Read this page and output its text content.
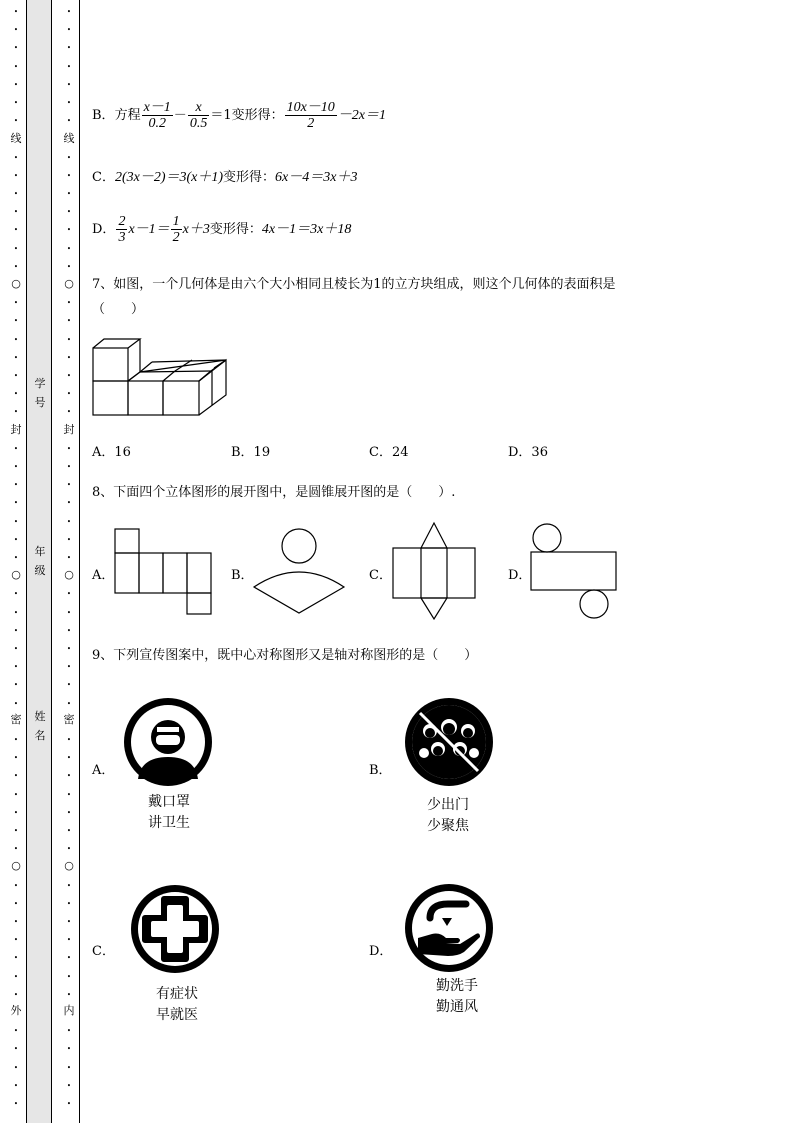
•
•
•
•
•
•
•
•
•
•
•
•
•
•
•
•
•
•
•
•
•
•
•
•
•
•
•
•
•
•
•
•
•
•
•
•
•
•
•
•
•
•
•
•
•
•
•
•
•
•
•
•
•
•
线
○
封
○
密
○
外
•
•
•
•
•
•
•
•
•
•
•
•
•
•
•
•
•
•
•
•
•
•
•
•
•
•
•
•
•
•
•
•
•
•
•
•
•
•
•
•
•
•
•
•
•
•
•
•
•
•
•
•
•
•
线
○
封
○
密
○
内
学号
年级
姓名
B．方程 $\frac{x-1}{0.2} - \frac{x}{0.5} =1$变形得： $\frac{10x-10}{2} -2x=1$
C．2(3x－2)＝3(x＋1)变形得：6x－4＝3x＋3
D． $\frac{2}{3} x-1= \frac{1}{2} x+3$变形得：4x－1＝3x＋18
7、如图，一个几何体是由六个大小相同且棱长为1的立方块组成，则这个几何体的表面积是
（　　）
A．16	B．19	C．24	D．36
8、下面四个立体图形的展开图中，是圆锥展开图的是（　　）.
A．	B．	C．	D．
9、下列宣传图案中，既中心对称图形又是轴对称图形的是（　　）
A．
戴口罩
讲卫生
B．
少出门
少聚焦
C．
有症状
早就医
D．
勤洗手
勤通风
